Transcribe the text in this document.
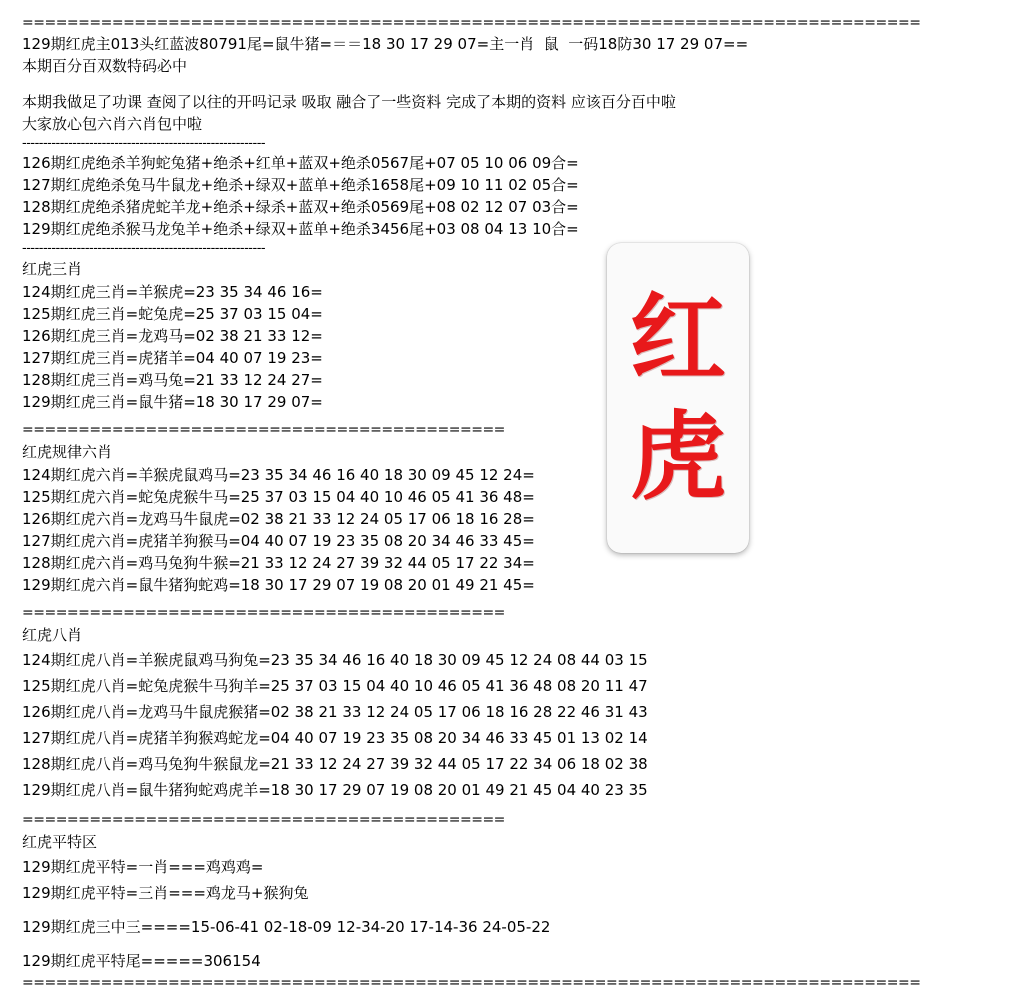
================================================================================
129期红虎主013头红蓝波80791尾=鼠牛猪=＝＝18 30 17 29 07=主一肖  鼠  一码18防30 17 29 07==
本期百分百双数特码必中
本期我做足了功课 查阅了以往的开吗记录 吸取 融合了一些资料 完成了本期的资料 应该百分百中啦
大家放心包六肖六肖包中啦
----------------------------------------------------------
126期红虎绝杀羊狗蛇兔猪+绝杀+红单+蓝双+绝杀0567尾+07 05 10 06 09合=
127期红虎绝杀兔马牛鼠龙+绝杀+绿双+蓝单+绝杀1658尾+09 10 11 02 05合=
128期红虎绝杀猪虎蛇羊龙+绝杀+绿杀+蓝双+绝杀0569尾+08 02 12 07 03合=
129期红虎绝杀猴马龙兔羊+绝杀+绿双+蓝单+绝杀3456尾+03 08 04 13 10合=
----------------------------------------------------------
红虎三肖
124期红虎三肖=羊猴虎=23 35 34 46 16=
125期红虎三肖=蛇兔虎=25 37 03 15 04=
126期红虎三肖=龙鸡马=02 38 21 33 12=
127期红虎三肖=虎猪羊=04 40 07 19 23=
128期红虎三肖=鸡马兔=21 33 12 24 27=
129期红虎三肖=鼠牛猪=18 30 17 29 07=
===========================================
红虎规律六肖
124期红虎六肖=羊猴虎鼠鸡马=23 35 34 46 16 40 18 30 09 45 12 24=
125期红虎六肖=蛇兔虎猴牛马=25 37 03 15 04 40 10 46 05 41 36 48=
126期红虎六肖=龙鸡马牛鼠虎=02 38 21 33 12 24 05 17 06 18 16 28=
127期红虎六肖=虎猪羊狗猴马=04 40 07 19 23 35 08 20 34 46 33 45=
128期红虎六肖=鸡马兔狗牛猴=21 33 12 24 27 39 32 44 05 17 22 34=
129期红虎六肖=鼠牛猪狗蛇鸡=18 30 17 29 07 19 08 20 01 49 21 45=
===========================================
红虎八肖
124期红虎八肖=羊猴虎鼠鸡马狗兔=23 35 34 46 16 40 18 30 09 45 12 24 08 44 03 15
125期红虎八肖=蛇兔虎猴牛马狗羊=25 37 03 15 04 40 10 46 05 41 36 48 08 20 11 47
126期红虎八肖=龙鸡马牛鼠虎猴猪=02 38 21 33 12 24 05 17 06 18 16 28 22 46 31 43
127期红虎八肖=虎猪羊狗猴鸡蛇龙=04 40 07 19 23 35 08 20 34 46 33 45 01 13 02 14
128期红虎八肖=鸡马兔狗牛猴鼠龙=21 33 12 24 27 39 32 44 05 17 22 34 06 18 02 38
129期红虎八肖=鼠牛猪狗蛇鸡虎羊=18 30 17 29 07 19 08 20 01 49 21 45 04 40 23 35
===========================================
红虎平特区
129期红虎平特=一肖===鸡鸡鸡=
129期红虎平特=三肖===鸡龙马+猴狗兔
129期红虎三中三====15-06-41 02-18-09 12-34-20 17-14-36 24-05-22
129期红虎平特尾=====306154
================================================================================
红
虎
